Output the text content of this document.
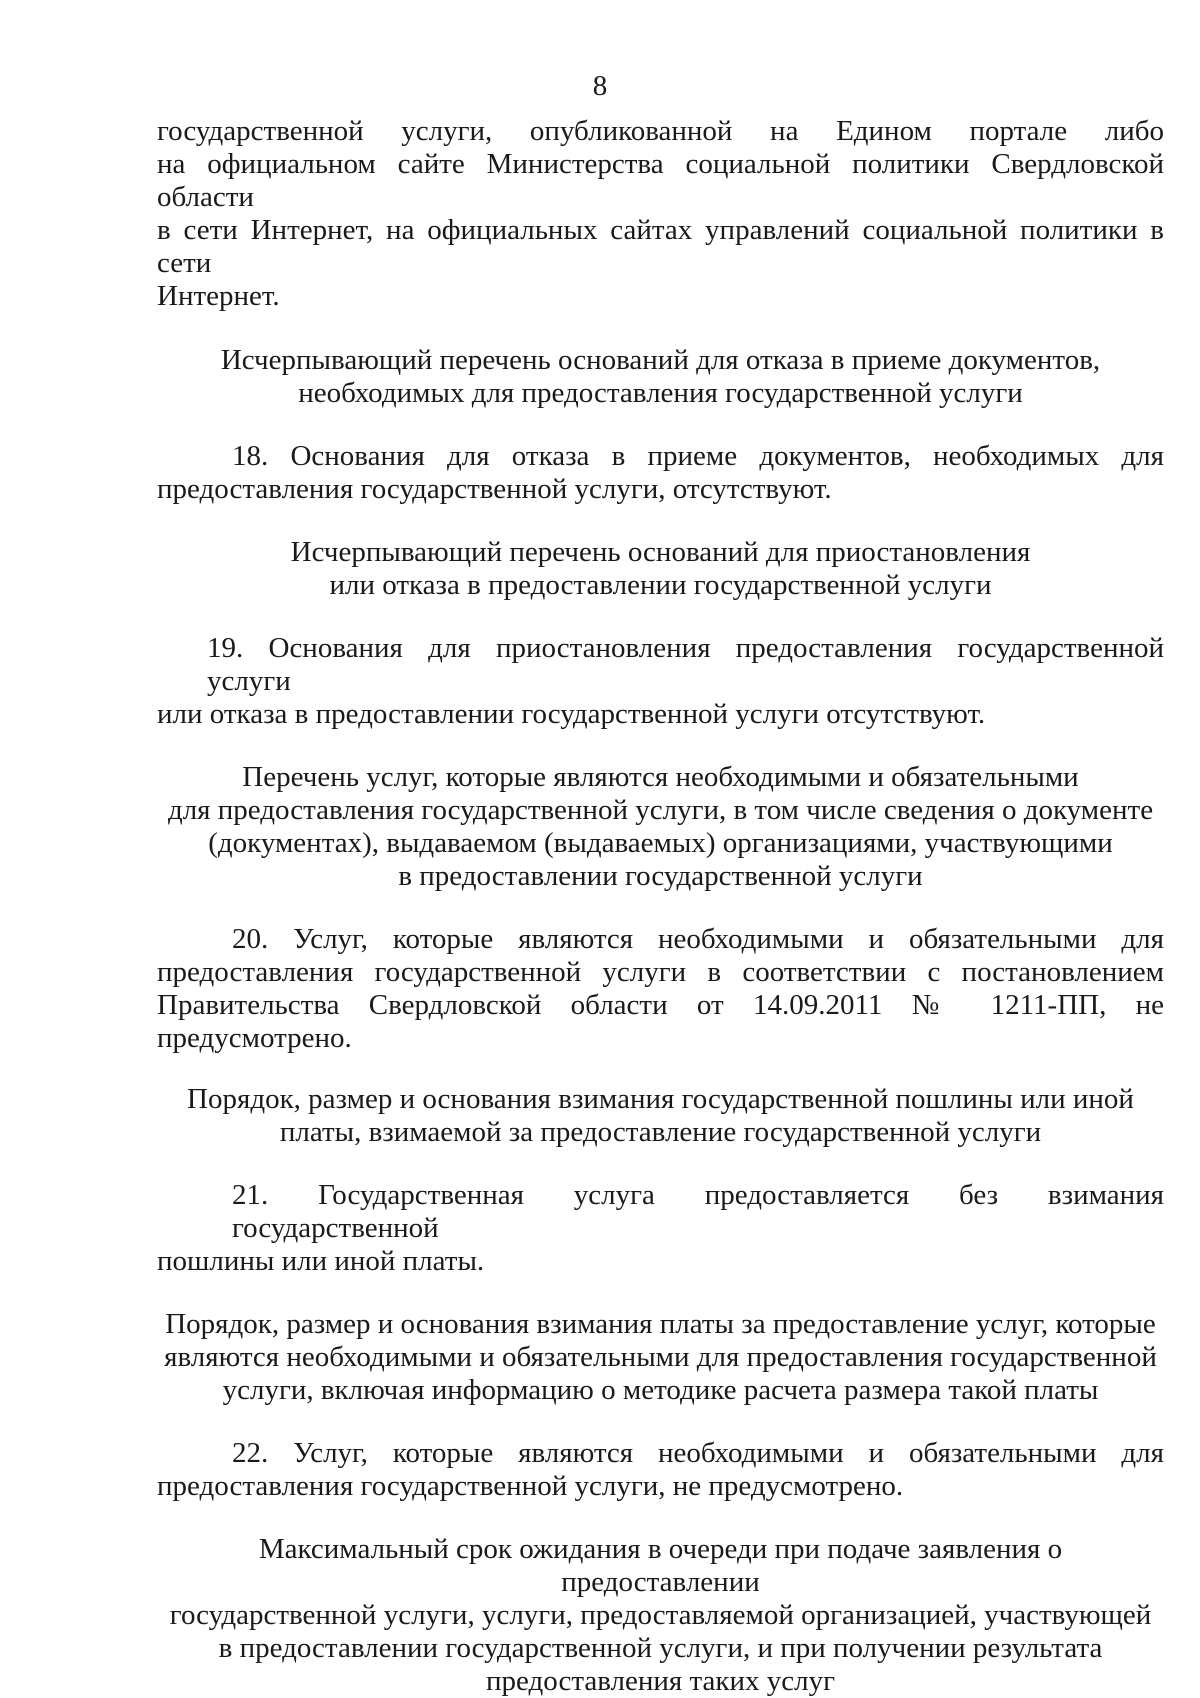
8
государственной услуги, опубликованной на Едином портале либо
на официальном сайте Министерства социальной политики Свердловской области
в сети Интернет, на официальных сайтах управлений социальной политики в сети
Интернет.
Исчерпывающий перечень оснований для отказа в приеме документов,
необходимых для предоставления государственной услуги
18. Основания для отказа в приеме документов, необходимых для
предоставления государственной услуги, отсутствуют.
Исчерпывающий перечень оснований для приостановления
или отказа в предоставлении государственной услуги
19. Основания для приостановления предоставления государственной услуги
или отказа в предоставлении государственной услуги отсутствуют.
Перечень услуг, которые являются необходимыми и обязательными
для предоставления государственной услуги, в том числе сведения о документе
(документах), выдаваемом (выдаваемых) организациями, участвующими
в предоставлении государственной услуги
20. Услуг, которые являются необходимыми и обязательными для
предоставления государственной услуги в соответствии с постановлением
Правительства Свердловской области от 14.09.2011 № 1211-ПП, не предусмотрено.
Порядок, размер и основания взимания государственной пошлины или иной
платы, взимаемой за предоставление государственной услуги
21. Государственная услуга предоставляется без взимания государственной
пошлины или иной платы.
Порядок, размер и основания взимания платы за предоставление услуг, которые
являются необходимыми и обязательными для предоставления государственной
услуги, включая информацию о методике расчета размера такой платы
22. Услуг, которые являются необходимыми и обязательными для
предоставления государственной услуги, не предусмотрено.
Максимальный срок ожидания в очереди при подаче заявления о предоставлении
государственной услуги, услуги, предоставляемой организацией, участвующей
в предоставлении государственной услуги, и при получении результата
предоставления таких услуг
